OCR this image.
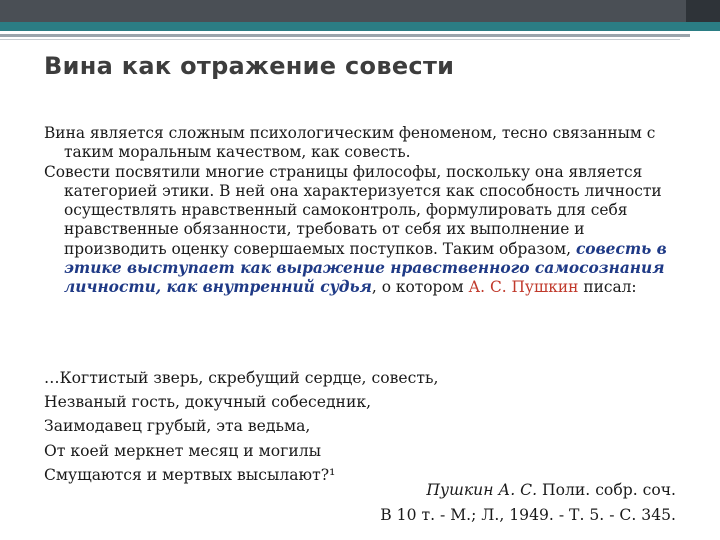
Вина как отражение совести

Вина является сложным психологическим феноменом, тесно связанным с таким моральным качеством, как совесть.

Совести посвятили многие страницы философы, поскольку она является категорией этики. В ней она характеризуется как способность личности осуществлять нравственный самоконтроль, формулировать для себя нравственные обязанности, требовать от себя их выполнение и производить оценку совершаемых поступков. Таким образом, совесть в этике выступает как выражение нравственного самосознания личности, как внутренний судья, о котором А. С. Пушкин писал:

…Когтистый зверь, скребущий сердце, совесть,
Незваный гость, докучный собеседник,
Заимодавец грубый, эта ведьма,
От коей меркнет месяц и могилы
Смущаются и мертвых высылают?¹
Пушкин А. С. Поли. собр. соч.
В 10 т. - М.; Л., 1949. - Т. 5. - С. 345.
